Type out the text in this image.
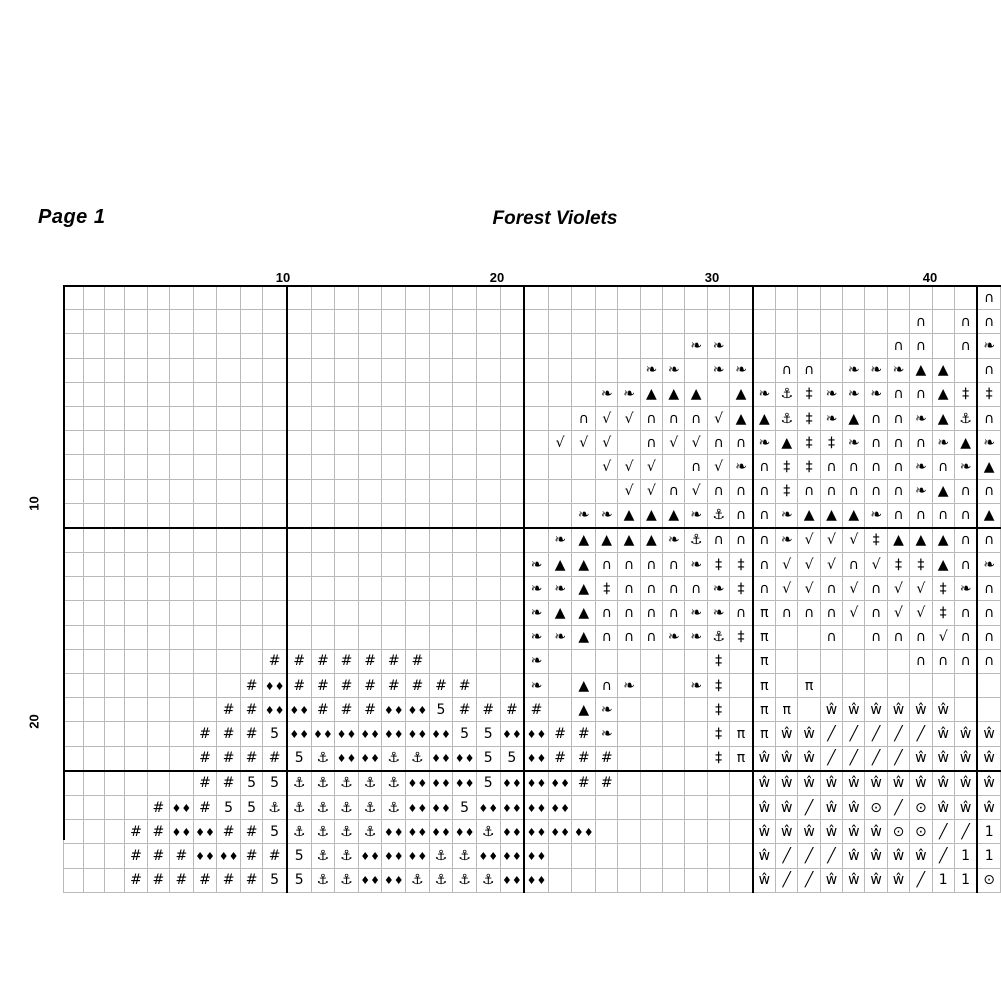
Page 1	Forest Violets
10	20	30	40
10
20
																																								∩
																																					∩		∩	∩
																											❧	❧								∩	∩		∩	❧
																									❧	❧		❧	❧		∩	∩		❧	❧	❧	▲	▲		∩
																							❧	❧	▲	▲	▲		▲	❧	⚓	‡	❧	❧	❧	∩	∩	▲	‡	‡
																						∩	√	√	∩	∩	∩	√	▲	▲	⚓	‡	❧	▲	∩	∩	❧	▲	⚓	∩
																					√	√	√		∩	√	√	∩	∩	❧	▲	‡	‡	❧	∩	∩	∩	❧	▲	❧
																							√	√	√		∩	√	❧	∩	‡	‡	∩	∩	∩	∩	❧	∩	❧	▲
																								√	√	∩	√	∩	∩	∩	‡	∩	∩	∩	∩	∩	❧	▲	∩	∩
																						❧	❧	▲	▲	▲	❧	⚓	∩	∩	❧	▲	▲	▲	❧	∩	∩	∩	∩	▲
																					❧	▲	▲	▲	▲	❧	⚓	∩	∩	∩	❧	√	√	√	‡	▲	▲	▲	∩	∩
																				❧	▲	▲	∩	∩	∩	∩	❧	‡	‡	∩	√	√	√	∩	√	‡	‡	▲	∩	❧
																				❧	❧	▲	‡	∩	∩	∩	∩	❧	‡	∩	√	√	∩	√	∩	√	√	‡	❧	∩
																				❧	▲	▲	∩	∩	∩	∩	❧	❧	∩	π	∩	∩	∩	√	∩	√	√	‡	∩	∩
																				❧	❧	▲	∩	∩	∩	❧	❧	⚓	‡	π			∩		∩	∩	∩	√	∩	∩
									#	#	#	#	#	#	#					❧								‡		π							∩	∩	∩	∩
								#	♦♦	#	#	#	#	#	#	#	#			❧		▲	∩	❧			❧	‡		π		π								
							#	#	♦♦	♦♦	#	#	#	♦♦	♦♦	5	#	#	#	#		▲	❧					‡		π	π		ŵ	ŵ	ŵ	ŵ	ŵ	ŵ		
						#	#	#	5	♦♦	♦♦	♦♦	♦♦	♦♦	♦♦	♦♦	5	5	♦♦	♦♦	#	#	❧					‡	π	π	ŵ	ŵ	╱	╱	╱	╱	╱	ŵ	ŵ	ŵ
						#	#	#	#	5	⚓	♦♦	♦♦	⚓	⚓	♦♦	♦♦	5	5	♦♦	#	#	#					‡	π	ŵ	ŵ	ŵ	╱	╱	╱	╱	ŵ	ŵ	ŵ	ŵ
						#	#	5	5	⚓	⚓	⚓	⚓	⚓	♦♦	♦♦	♦♦	5	♦♦	♦♦	♦♦	#	#							ŵ	ŵ	ŵ	ŵ	ŵ	ŵ	ŵ	ŵ	ŵ	ŵ	ŵ
				#	♦♦	#	5	5	⚓	⚓	⚓	⚓	⚓	⚓	♦♦	♦♦	5	♦♦	♦♦	♦♦	♦♦									ŵ	ŵ	╱	ŵ	ŵ	⊙	╱	⊙	ŵ	ŵ	ŵ
			#	#	♦♦	♦♦	#	#	5	⚓	⚓	⚓	⚓	♦♦	♦♦	♦♦	♦♦	⚓	♦♦	♦♦	♦♦	♦♦								ŵ	ŵ	ŵ	ŵ	ŵ	ŵ	⊙	⊙	╱	╱	1
			#	#	#	♦♦	♦♦	#	#	5	⚓	⚓	♦♦	♦♦	♦♦	⚓	⚓	♦♦	♦♦	♦♦										ŵ	╱	╱	╱	ŵ	ŵ	ŵ	ŵ	╱	1	1
			#	#	#	#	#	#	5	5	⚓	⚓	♦♦	♦♦	⚓	⚓	⚓	⚓	♦♦	♦♦										ŵ	╱	╱	ŵ	ŵ	ŵ	ŵ	╱	1	1	⊙
